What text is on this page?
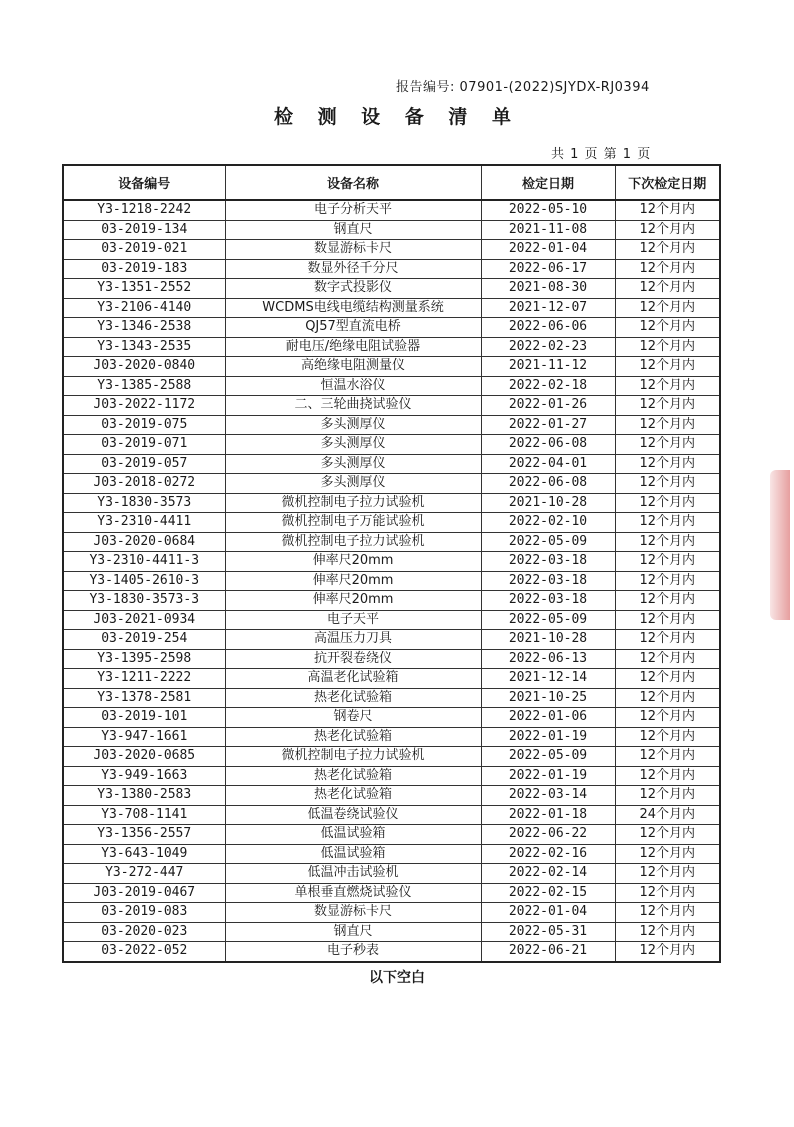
报告编号: 07901-(2022)SJYDX-RJ0394
检 测 设 备 清 单
共 1 页 第 1 页
设备编号	设备名称	检定日期	下次检定日期
Y3-1218-2242	电子分析天平	2022-05-10	12个月内
03-2019-134	钢直尺	2021-11-08	12个月内
03-2019-021	数显游标卡尺	2022-01-04	12个月内
03-2019-183	数显外径千分尺	2022-06-17	12个月内
Y3-1351-2552	数字式投影仪	2021-08-30	12个月内
Y3-2106-4140	WCDMS电线电缆结构测量系统	2021-12-07	12个月内
Y3-1346-2538	QJ57型直流电桥	2022-06-06	12个月内
Y3-1343-2535	耐电压/绝缘电阻试验器	2022-02-23	12个月内
J03-2020-0840	高绝缘电阻测量仪	2021-11-12	12个月内
Y3-1385-2588	恒温水浴仪	2022-02-18	12个月内
J03-2022-1172	二、三轮曲挠试验仪	2022-01-26	12个月内
03-2019-075	多头测厚仪	2022-01-27	12个月内
03-2019-071	多头测厚仪	2022-06-08	12个月内
03-2019-057	多头测厚仪	2022-04-01	12个月内
J03-2018-0272	多头测厚仪	2022-06-08	12个月内
Y3-1830-3573	微机控制电子拉力试验机	2021-10-28	12个月内
Y3-2310-4411	微机控制电子万能试验机	2022-02-10	12个月内
J03-2020-0684	微机控制电子拉力试验机	2022-05-09	12个月内
Y3-2310-4411-3	伸率尺20mm	2022-03-18	12个月内
Y3-1405-2610-3	伸率尺20mm	2022-03-18	12个月内
Y3-1830-3573-3	伸率尺20mm	2022-03-18	12个月内
J03-2021-0934	电子天平	2022-05-09	12个月内
03-2019-254	高温压力刀具	2021-10-28	12个月内
Y3-1395-2598	抗开裂卷绕仪	2022-06-13	12个月内
Y3-1211-2222	高温老化试验箱	2021-12-14	12个月内
Y3-1378-2581	热老化试验箱	2021-10-25	12个月内
03-2019-101	钢卷尺	2022-01-06	12个月内
Y3-947-1661	热老化试验箱	2022-01-19	12个月内
J03-2020-0685	微机控制电子拉力试验机	2022-05-09	12个月内
Y3-949-1663	热老化试验箱	2022-01-19	12个月内
Y3-1380-2583	热老化试验箱	2022-03-14	12个月内
Y3-708-1141	低温卷绕试验仪	2022-01-18	24个月内
Y3-1356-2557	低温试验箱	2022-06-22	12个月内
Y3-643-1049	低温试验箱	2022-02-16	12个月内
Y3-272-447	低温冲击试验机	2022-02-14	12个月内
J03-2019-0467	单根垂直燃烧试验仪	2022-02-15	12个月内
03-2019-083	数显游标卡尺	2022-01-04	12个月内
03-2020-023	钢直尺	2022-05-31	12个月内
03-2022-052	电子秒表	2022-06-21	12个月内
以下空白
